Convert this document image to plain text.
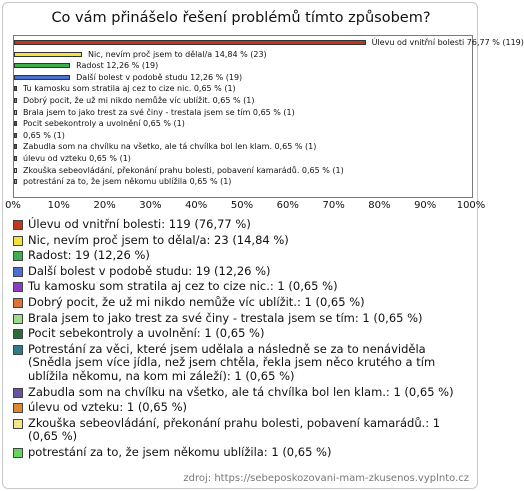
Co vám přinášelo řešení problémů tímto způsobem?
Úlevu od vnitřní bolesti 76,77 % (119)
Nic, nevím proč jsem to dělal/a 14,84 % (23)
Radost 12,26 % (19)
Další bolest v podobě studu 12,26 % (19)
Tu kamosku som stratila aj cez to cize nic. 0,65 % (1)
Dobrý pocit, že už mi nikdo nemůže víc ublížit. 0,65 % (1)
Brala jsem to jako trest za své činy - trestala jsem se tím 0,65 % (1)
Pocit sebekontroly a uvolnění 0,65 % (1)
0,65 % (1)
Zabudla som na chvílku na všetko, ale tá chvílka bol len klam. 0,65 % (1)
úlevu od vzteku 0,65 % (1)
Zkouška sebeovládání, překonání prahu bolesti, pobavení kamarádů. 0,65 % (1)
potrestání za to, že jsem někomu ublížila 0,65 % (1)
0%	10% 20% 30% 40% 50% 60% 70% 80% 90% 100%
Úlevu od vnitřní bolesti: 119 (76,77 %)
Nic, nevím proč jsem to dělal/a: 23 (14,84 %)
Radost: 19 (12,26 %)
Další bolest v podobě studu: 19 (12,26 %)
Tu kamosku som stratila aj cez to cize nic.: 1 (0,65 %)
Dobrý pocit, že už mi nikdo nemůže víc ublížit.: 1 (0,65 %)
Brala jsem to jako trest za své činy - trestala jsem se tím: 1 (0,65 %)
Pocit sebekontroly a uvolnění: 1 (0,65 %)
Potrestání za věci, které jsem udělala a následně se za to nenáviděla (Snědla jsem více jídla, než jsem chtěla, řekla jsem něco krutého a tím ublížila někomu, na kom mi záleží): 1 (0,65 %)
Zabudla som na chvílku na všetko, ale tá chvílka bol len klam.: 1 (0,65 %)
úlevu od vzteku: 1 (0,65 %)
Zkouška sebeovládání, překonání prahu bolesti, pobavení kamarádů.: 1 (0,65 %)
potrestání za to, že jsem někomu ublížila: 1 (0,65 %)
zdroj: https://sebeposkozovani-mam-zkusenos.vyplnto.cz
